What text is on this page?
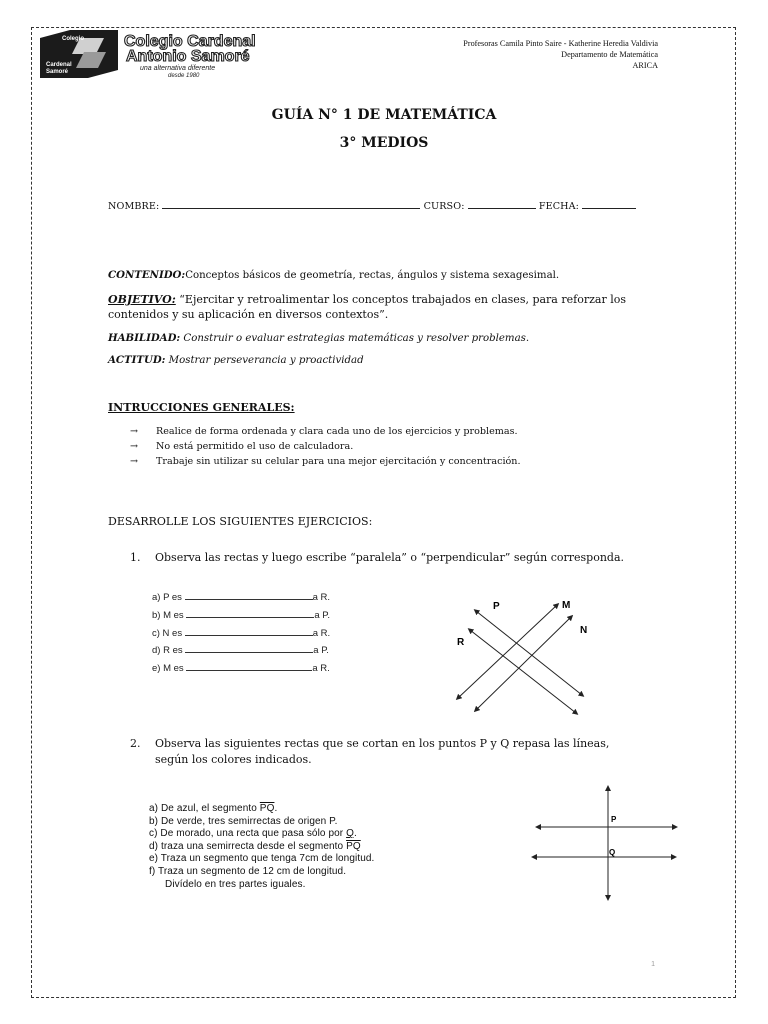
Colegio
Cardenal
Samoré
Colegio Cardenal
Antonio Samoré
una alternativa diferente
desde 1980
Profesoras Camila Pinto Saire - Katherine Heredia Valdivia
Departamento de Matemática
ARICA
GUÍA N° 1 DE MATEMÁTICA
3° MEDIOS
NOMBRE:	CURSO:	FECHA:
CONTENIDO:Conceptos básicos de geometría, rectas, ángulos y sistema sexagesimal.
OBJETIVO: “Ejercitar y retroalimentar los conceptos trabajados en clases, para reforzar los
contenidos y su aplicación en diversos contextos”.
HABILIDAD: Construir o evaluar estrategias matemáticas y resolver problemas.
ACTITUD: Mostrar perseverancia y proactividad
INTRUCCIONES GENERALES:
→	Realice de forma ordenada y clara cada uno de los ejercicios y problemas.
→	No está permitido el uso de calculadora.
→	Trabaje sin utilizar su celular para una mejor ejercitación y concentración.
DESARROLLE LOS SIGUIENTES EJERCICIOS:
1. Observa las rectas y luego escribe “paralela” o “perpendicular” según corresponda.
a) P es	a R.
b) M es	a P.
c) N es	a R.
d) R es	a P.
e) M es	a R.
P	M
N
R
2. Observa las siguientes rectas que se cortan en los puntos P y Q repasa las líneas,
según los colores indicados.
a) De azul, el segmento $\overline{PQ}$.
b) De verde, tres semirrectas de origen P.
c) De morado, una recta que pasa sólo por Q.
d) traza una semirrecta desde el segmento $\overline{PQ}$
e) Traza un segmento que tenga 7cm de longitud.
f) Traza un segmento de 12 cm de longitud.
Divídelo en tres partes iguales.
P
Q
1
